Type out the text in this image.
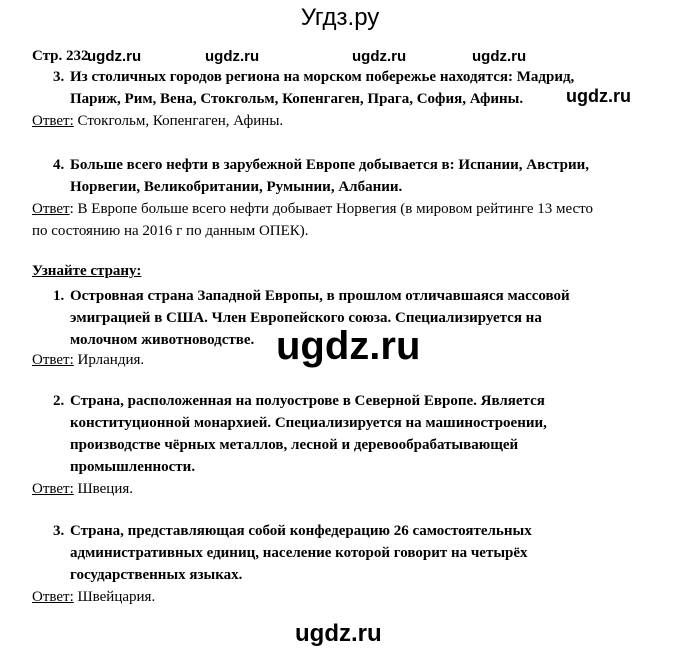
Угдз.ру
Стр. 232
ugdz.ru	ugdz.ru	ugdz.ru	ugdz.ru
ugdz.ru
3. Из столичных городов региона на морском побережье находятся: Мадрид,
Париж, Рим, Вена, Стокгольм, Копенгаген, Прага, София, Афины.
Ответ: Стокгольм, Копенгаген, Афины.
4. Больше всего нефти в зарубежной Европе добывается в: Испании, Австрии,
Норвегии, Великобритании, Румынии, Албании.
Ответ: В Европе больше всего нефти добывает Норвегия (в мировом рейтинге 13 место
по состоянию на 2016 г по данным ОПЕК).
Узнайте страну:
1. Островная страна Западной Европы, в прошлом отличавшаяся массовой
эмиграцией в США. Член Европейского союза. Специализируется на
молочном животноводстве.
Ответ: Ирландия.	ugdz.ru
2. Страна, расположенная на полуострове в Северной Европе. Является
конституционной монархией. Специализируется на машиностроении,
производстве чёрных металлов, лесной и деревообрабатывающей
промышленности.
Ответ: Швеция.
3. Страна, представляющая собой конфедерацию 26 самостоятельных
административных единиц, население которой говорит на четырёх
государственных языках.
Ответ: Швейцария.
ugdz.ru
